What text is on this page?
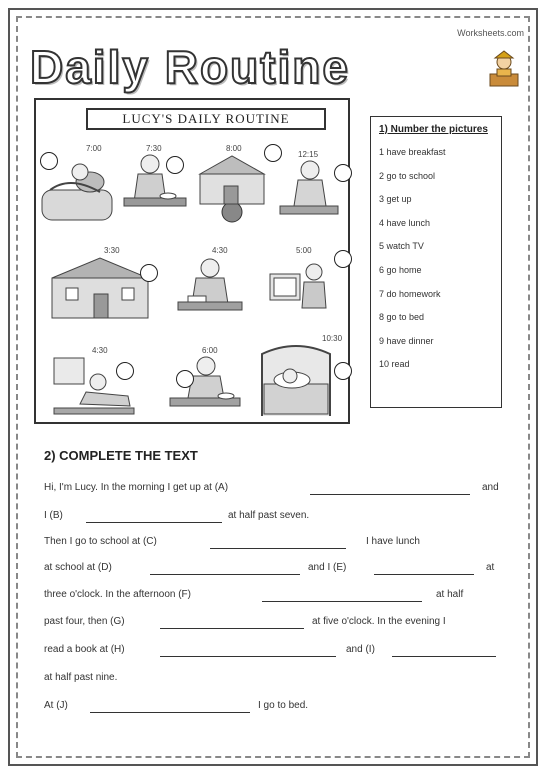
Worksheets.com
Daily Routine
LUCY'S DAILY ROUTINE
7:00	7:30	8:00
12:15
3:30	4:30	5:00
4:30	6:00
10:30
1) Number the pictures
1 have breakfast
2 go to school
3 get up
4 have lunch
5 watch TV
6 go home
7 do homework
8 go to bed
9 have dinner
10 read
2) COMPLETE THE TEXT
Hi, I'm Lucy. In the morning I get up at (A)	and
I (B)	at half past seven.
Then I go to school at (C)	I have lunch
at school at (D)	and I (E)	at
three o'clock. In the afternoon (F)	at half
past four, then (G)	at five o'clock. In the evening I
read a book at (H)	and (I)
at half past nine.
At (J)	I go to bed.
